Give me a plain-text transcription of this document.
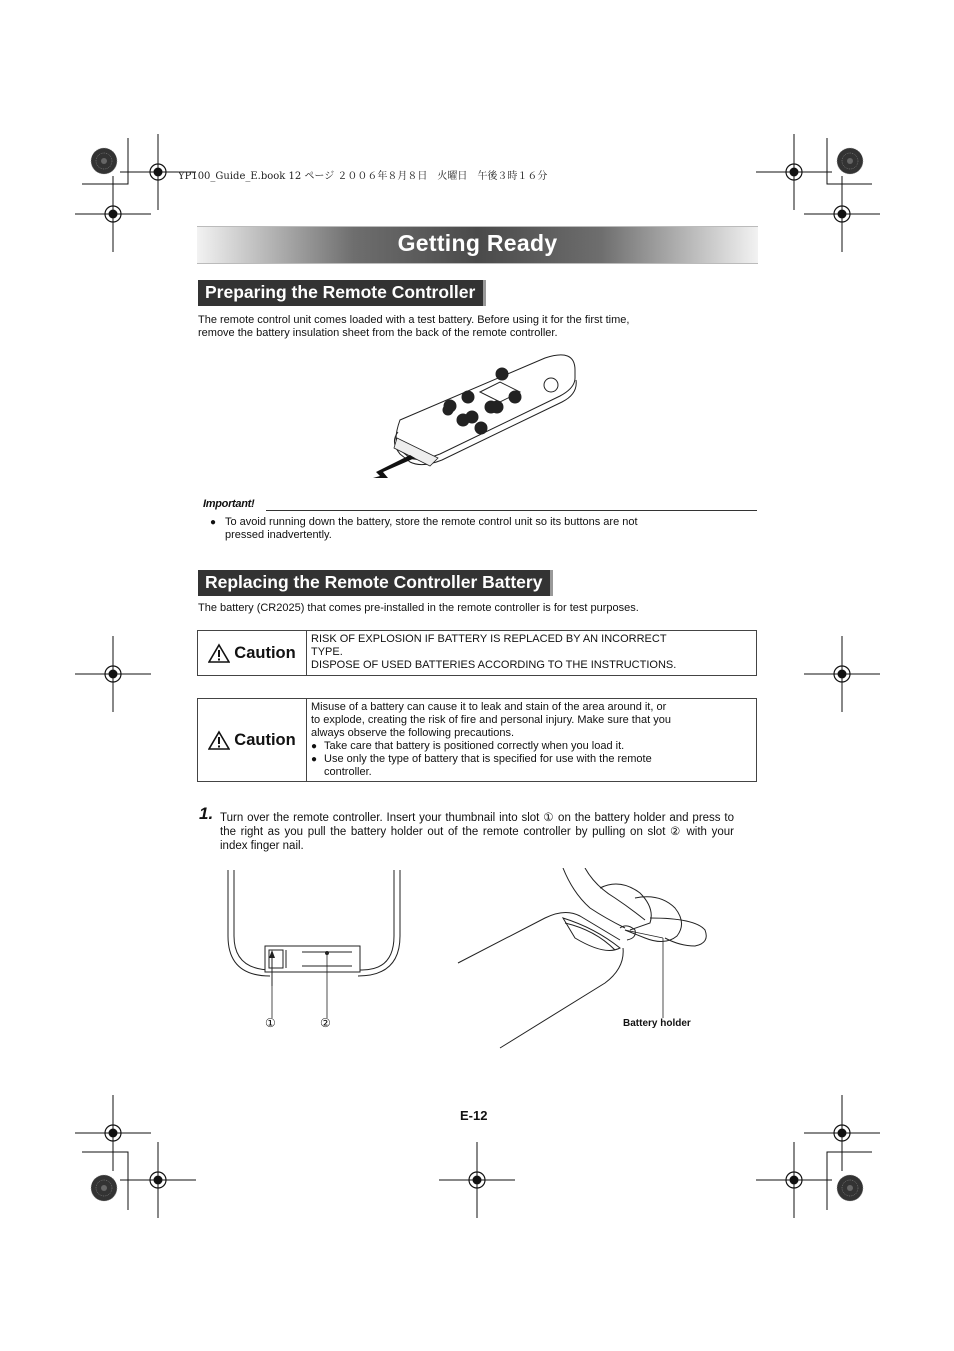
YP100_Guide_E.book 12 ページ ２００６年８月８日　火曜日　午後３時１６分
Getting Ready
Preparing the Remote Controller
The remote control unit comes loaded with a test battery. Before using it for the first time,
remove the battery insulation sheet from the back of the remote controller.
Important!
● To avoid running down the battery, store the remote control unit so its buttons are not
pressed inadvertently.
Replacing the Remote Controller Battery
The battery (CR2025) that comes pre-installed in the remote controller is for test purposes.
Caution
RISK OF EXPLOSION IF BATTERY IS REPLACED BY AN INCORRECT
TYPE.
DISPOSE OF USED BATTERIES ACCORDING TO THE INSTRUCTIONS.
Caution
Misuse of a battery can cause it to leak and stain of the area around it, or
to explode, creating the risk of fire and personal injury. Make sure that you
always observe the following precautions.
● Take care that battery is positioned correctly when you load it.
● Use only the type of battery that is specified for use with the remote
controller.
1. Turn over the remote controller. Insert your thumbnail into slot ① on the battery holder and press to the right as you pull the battery holder out of the remote controller by pulling on slot ② with your index finger nail.
①	②	Battery holder
E-12
